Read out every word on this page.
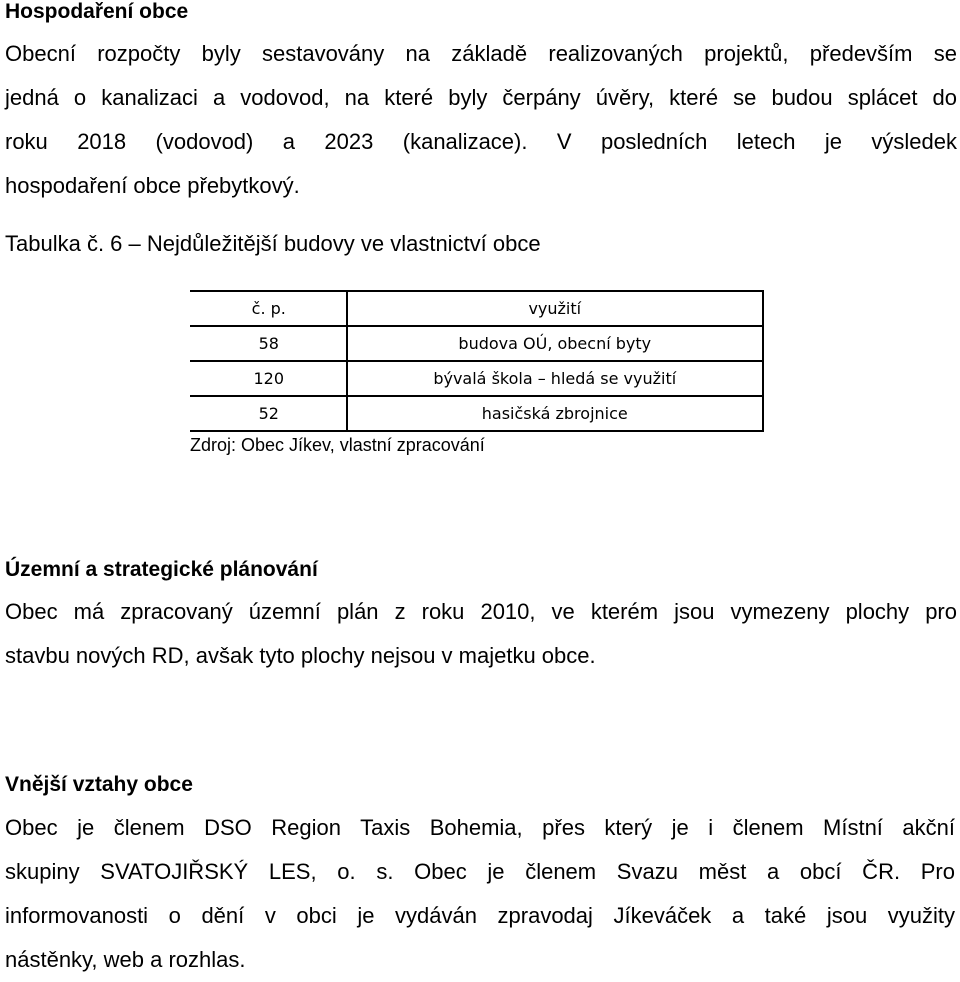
Hospodaření obce
Obecní rozpočty byly sestavovány na základě realizovaných projektů, především se
jedná o kanalizaci a vodovod, na které byly čerpány úvěry, které se budou splácet do
roku 2018 (vodovod) a 2023 (kanalizace). V posledních letech je výsledek
hospodaření obce přebytkový.

Tabulka č. 6 – Nejdůležitější budovy ve vlastnictví obce

č. p.	využití
58	budova OÚ, obecní byty
120	bývalá škola – hledá se využití
52	hasičská zbrojnice

Zdroj: Obec Jíkev, vlastní zpracování

Územní a strategické plánování
Obec má zpracovaný územní plán z roku 2010, ve kterém jsou vymezeny plochy pro
stavbu nových RD, avšak tyto plochy nejsou v majetku obce.
Vnější vztahy obce
Obec je členem DSO Region Taxis Bohemia, přes který je i členem Místní akční
skupiny SVATOJIŘSKÝ LES, o. s. Obec je členem Svazu měst a obcí ČR. Pro
informovanosti o dění v obci je vydáván zpravodaj Jíkeváček a také jsou využity
nástěnky, web a rozhlas.
